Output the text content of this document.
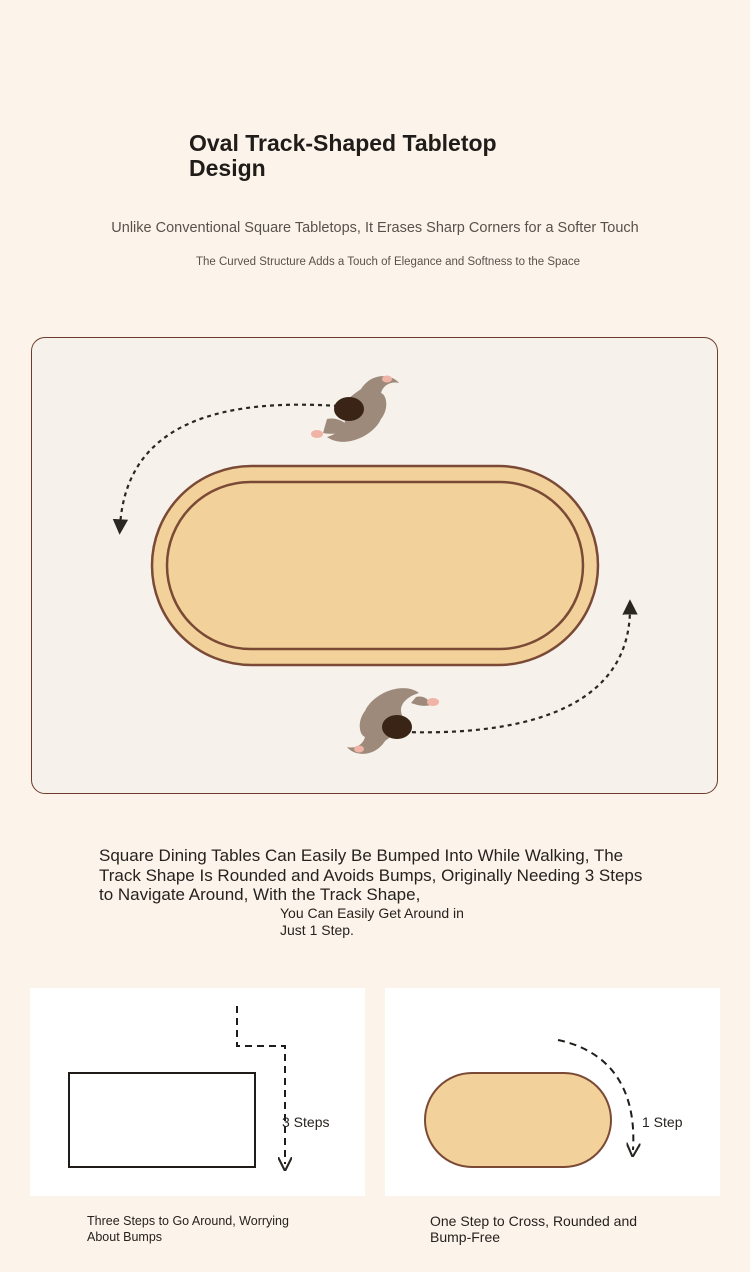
Oval Track-Shaped Tabletop Design
Unlike Conventional Square Tabletops, It Erases Sharp Corners for a Softer Touch
The Curved Structure Adds a Touch of Elegance and Softness to the Space
Square Dining Tables Can Easily Be Bumped Into While Walking, The Track Shape Is Rounded and Avoids Bumps, Originally Needing 3 Steps to Navigate Around, With the Track Shape,
You Can Easily Get Around in Just 1 Step.
3 Steps	1 Step
Three Steps to Go Around, Worrying About Bumps
One Step to Cross, Rounded and Bump-Free
